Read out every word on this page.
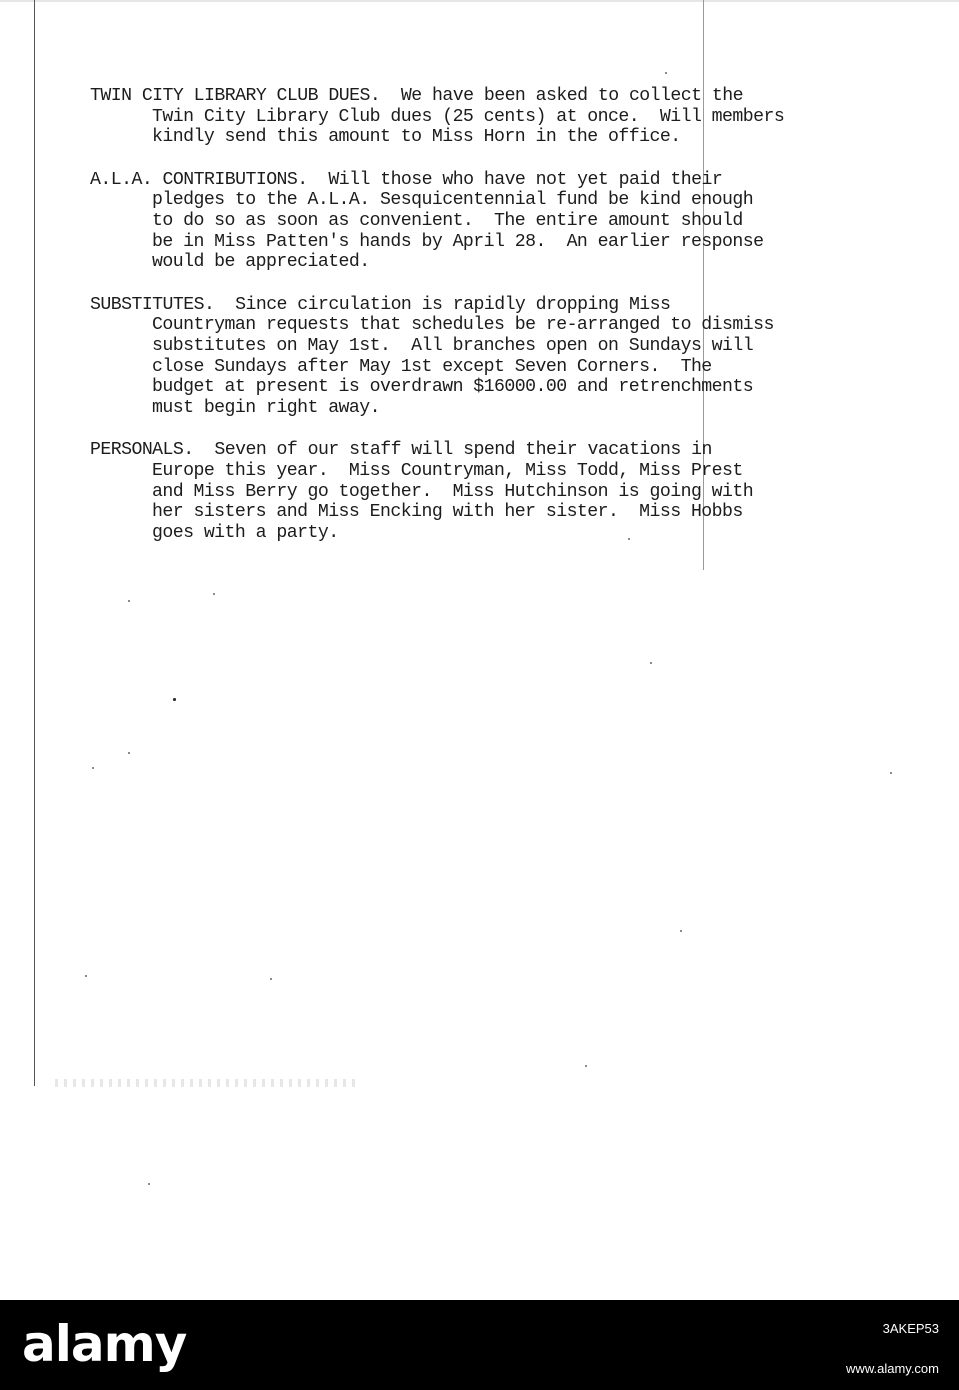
TWIN CITY LIBRARY CLUB DUES.  We have been asked to collect the
Twin City Library Club dues (25 cents) at once.  Will members
kindly send this amount to Miss Horn in the office.
A.L.A. CONTRIBUTIONS.  Will those who have not yet paid their
pledges to the A.L.A. Sesquicentennial fund be kind enough
to do so as soon as convenient.  The entire amount should
be in Miss Patten's hands by April 28.  An earlier response
would be appreciated.
SUBSTITUTES.  Since circulation is rapidly dropping Miss
Countryman requests that schedules be re-arranged to dismiss
substitutes on May 1st.  All branches open on Sundays will
close Sundays after May 1st except Seven Corners.  The
budget at present is overdrawn $16000.00 and retrenchments
must begin right away.
PERSONALS.  Seven of our staff will spend their vacations in
Europe this year.  Miss Countryman, Miss Todd, Miss Prest
and Miss Berry go together.  Miss Hutchinson is going with
her sisters and Miss Encking with her sister.  Miss Hobbs
goes with a party.
alamy	3AKEP53
www.alamy.com
